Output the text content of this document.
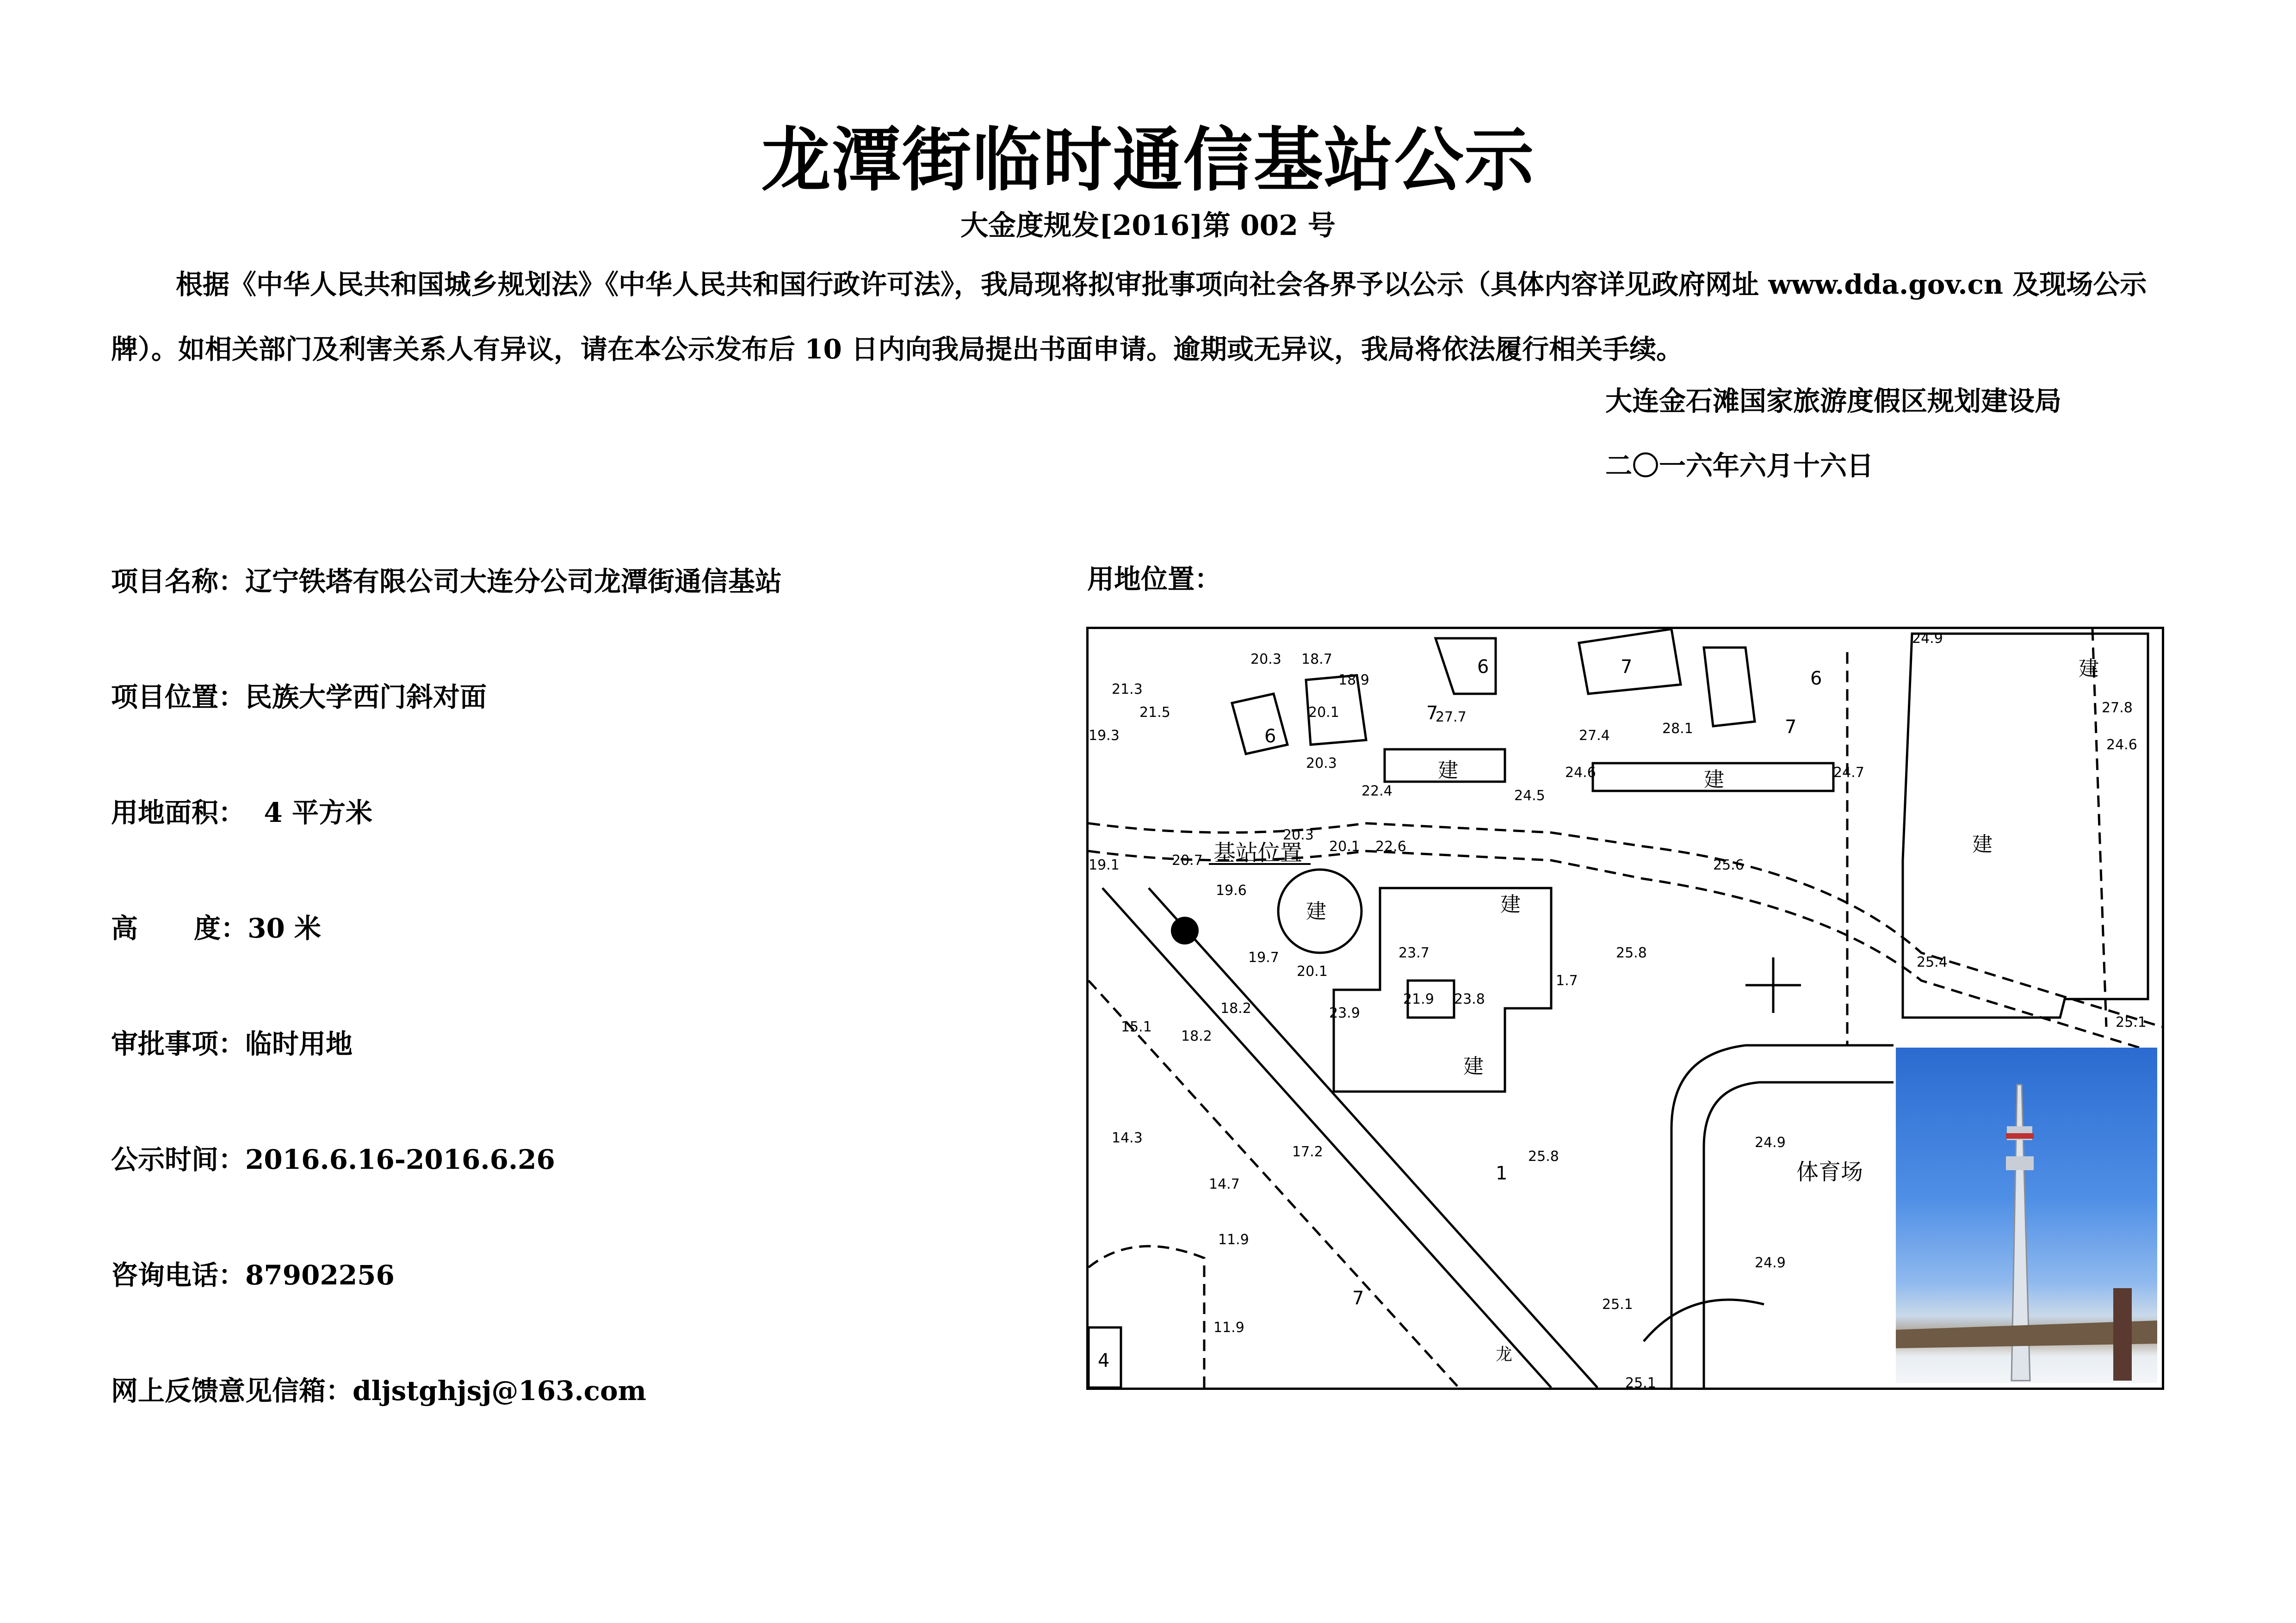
龙潭街临时通信基站公示
大金度规发[2016]第 002 号
根据《中华人民共和国城乡规划法》《中华人民共和国行政许可法》，我局现将拟审批事项向社会各界予以公示（具体内容详见政府网址 www.dda.gov.cn 及现场公示牌）。如相关部门及利害关系人有异议，请在本公示发布后 10 日内向我局提出书面申请。逾期或无异议，我局将依法履行相关手续。
大连金石滩国家旅游度假区规划建设局
二〇一六年六月十六日
项目名称：辽宁铁塔有限公司大连分公司龙潭街通信基站
项目位置：民族大学西门斜对面
用地面积：  4 平方米
高      度：30 米
审批事项：临时用地
公示时间：2016.6.16-2016.6.26
咨询电话：87902256
网上反馈意见信箱：dljstghjsj@163.com
用地位置：
基站位置
建	建
建
建
建	建
建
体育场
龙
6
6
6
7
7
7
7
1
4
20.3 18.7
18.9
21.3
21.5	20.1
19.3
20.3
27.7
27.4	28.1
27.8
24.9
24.6
24.7
24.6
24.5
22.4
19.1	20.7
20.3
20.1 22.6
19.6
25.6
25.8
19.7
20.1
23.7
21.9 23.8
23.9
18.2
15.1
18.2
1.7
25.4
25.1
14.3
17.2	25.8
24.9
14.7
11.9
24.9
25.1
11.9
25.1
